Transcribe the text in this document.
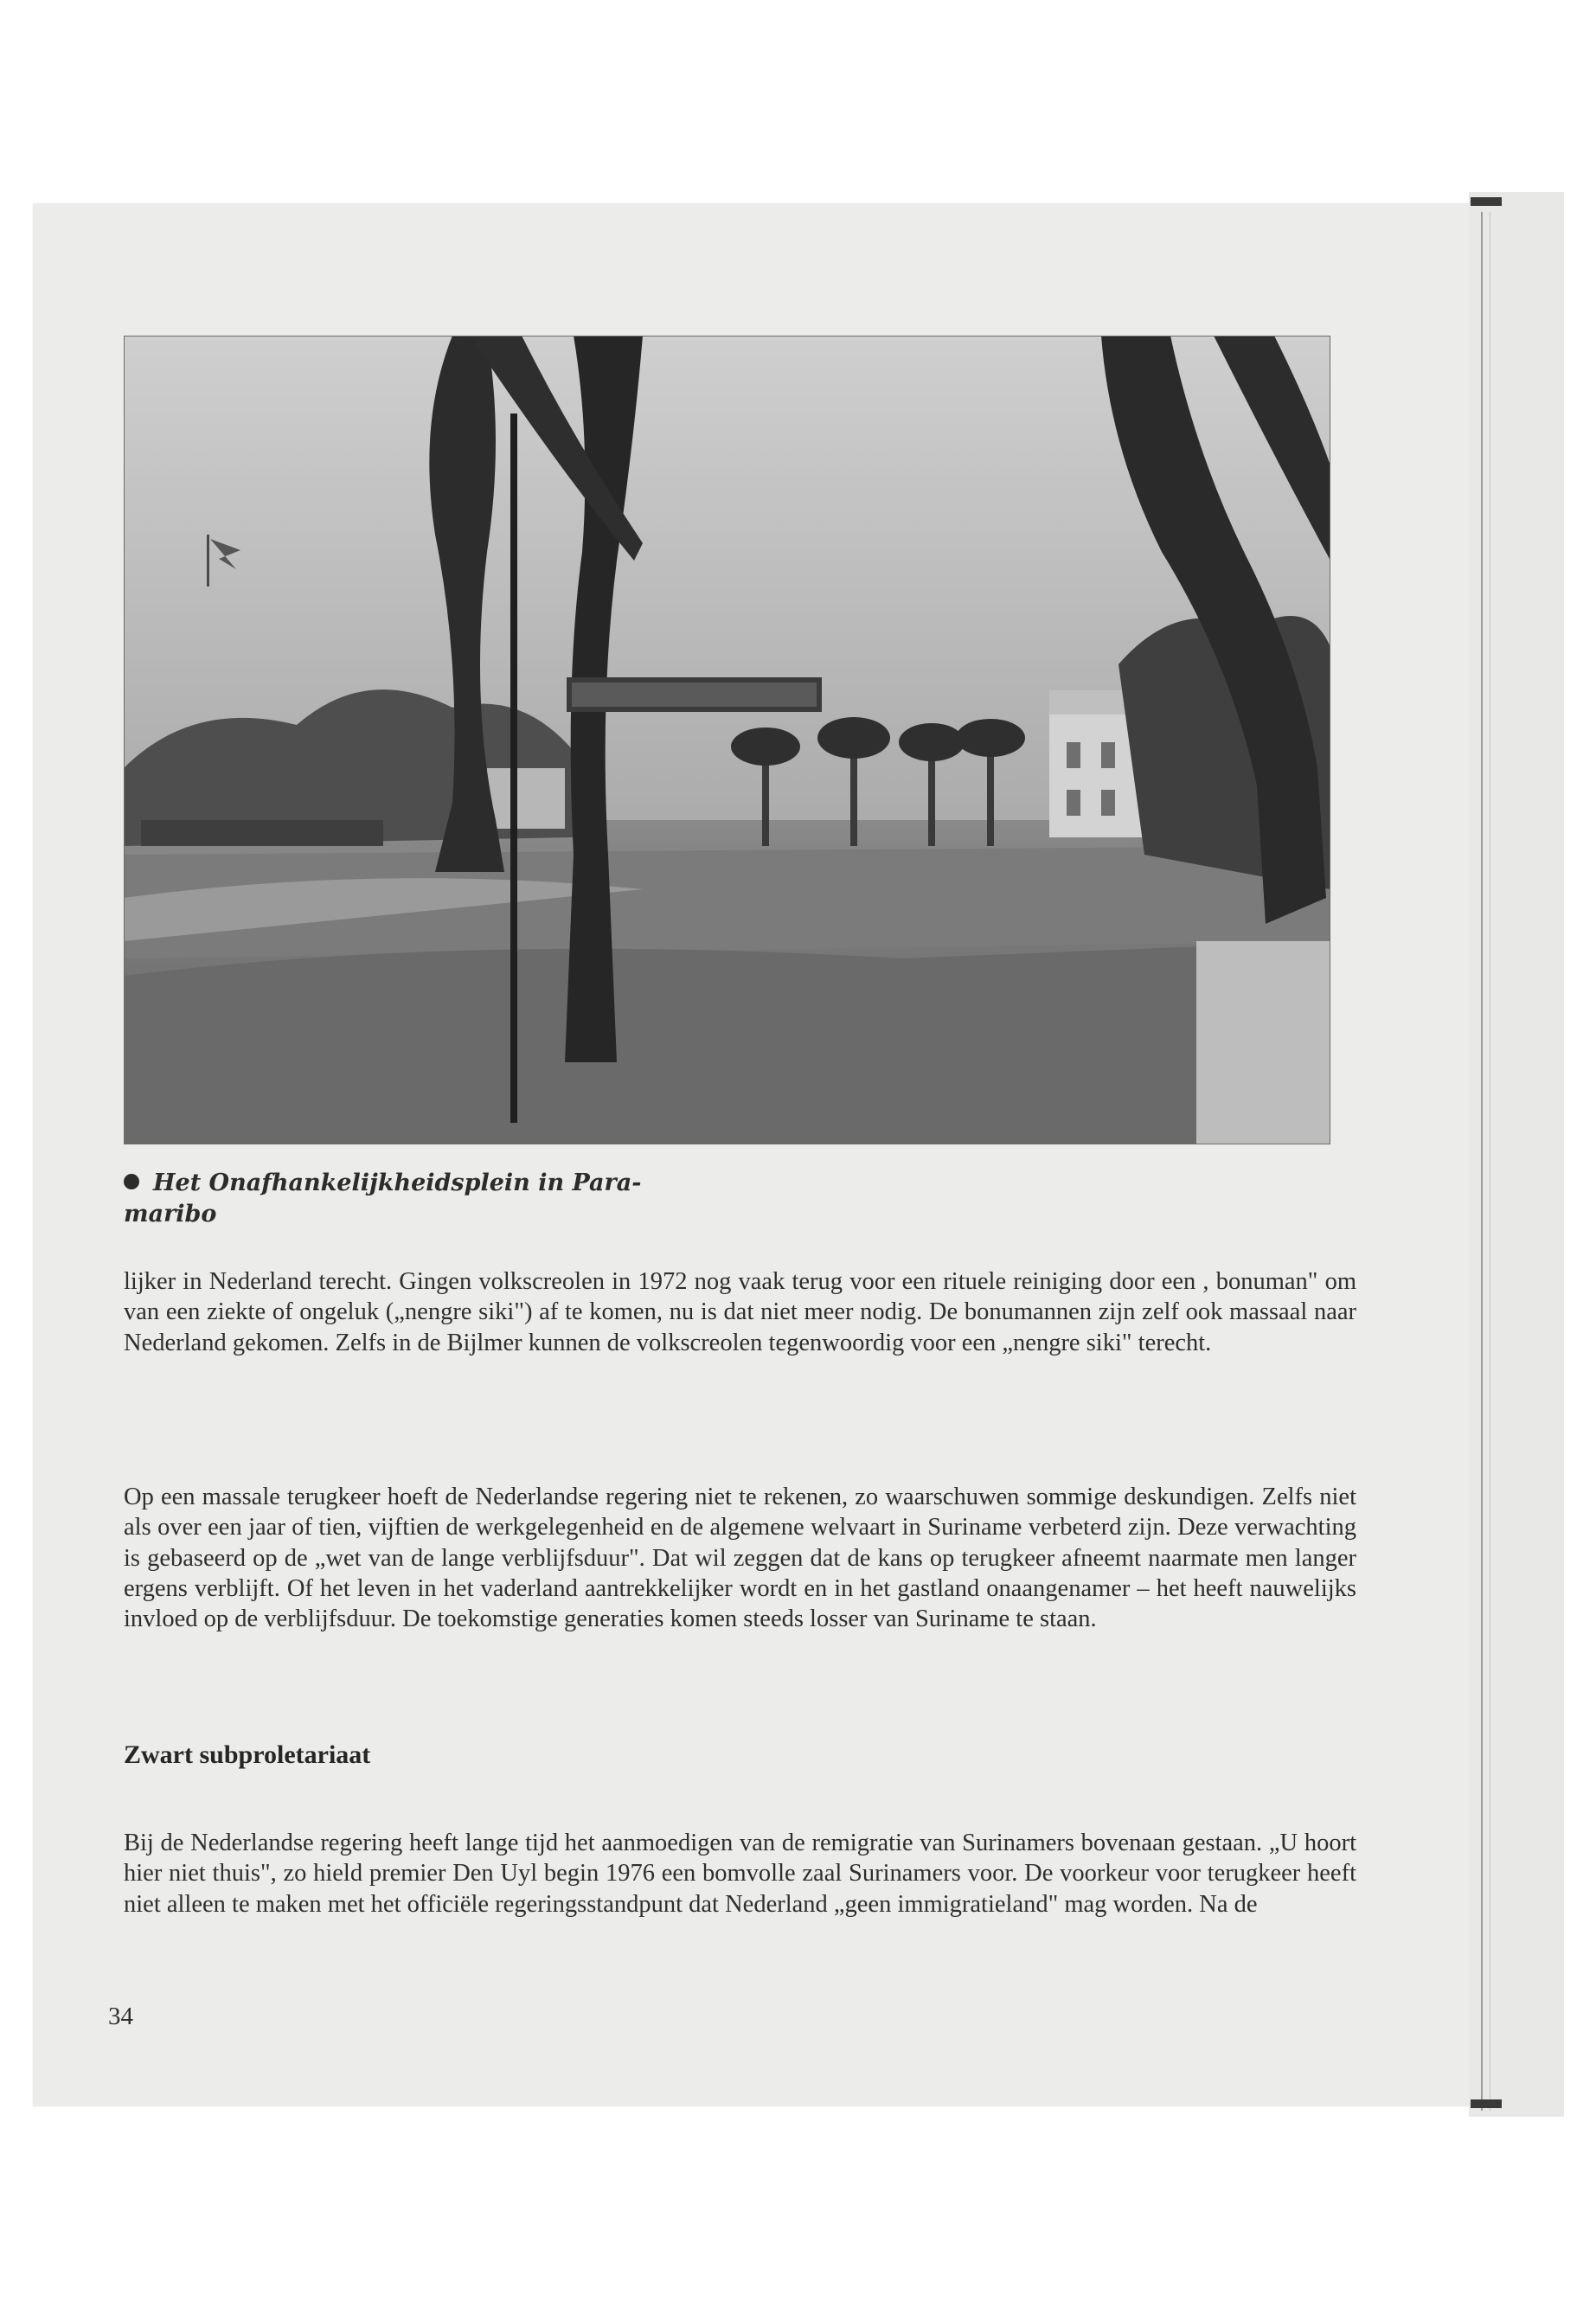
Het Onafhankelijkheidsplein in Para-
maribo

lijker in Nederland terecht. Gingen volkscreolen in 1972 nog vaak terug voor een rituele reiniging door een , bonuman" om van een ziekte of ongeluk („nengre siki") af te komen, nu is dat niet meer nodig. De bonumannen zijn zelf ook massaal naar Nederland gekomen. Zelfs in de Bijlmer kunnen de volkscreolen tegenwoordig voor een „nengre siki" terecht.

Op een massale terugkeer hoeft de Nederlandse regering niet te rekenen, zo waarschuwen sommige deskundigen. Zelfs niet als over een jaar of tien, vijftien de werkgelegenheid en de algemene welvaart in Suriname verbeterd zijn. Deze verwachting is gebaseerd op de „wet van de lange verblijfsduur". Dat wil zeggen dat de kans op terugkeer afneemt naarmate men langer ergens verblijft. Of het leven in het vaderland aantrekkelijker wordt en in het gastland onaangenamer – het heeft nauwelijks invloed op de verblijfsduur. De toekomstige generaties komen steeds losser van Suriname te staan.

Zwart subproletariaat

Bij de Nederlandse regering heeft lange tijd het aanmoedigen van de remigratie van Surinamers bovenaan gestaan. „U hoort hier niet thuis", zo hield premier Den Uyl begin 1976 een bomvolle zaal Surinamers voor. De voorkeur voor terugkeer heeft niet alleen te maken met het officiële regeringsstandpunt dat Nederland „geen immigratieland" mag worden. Na de

34
